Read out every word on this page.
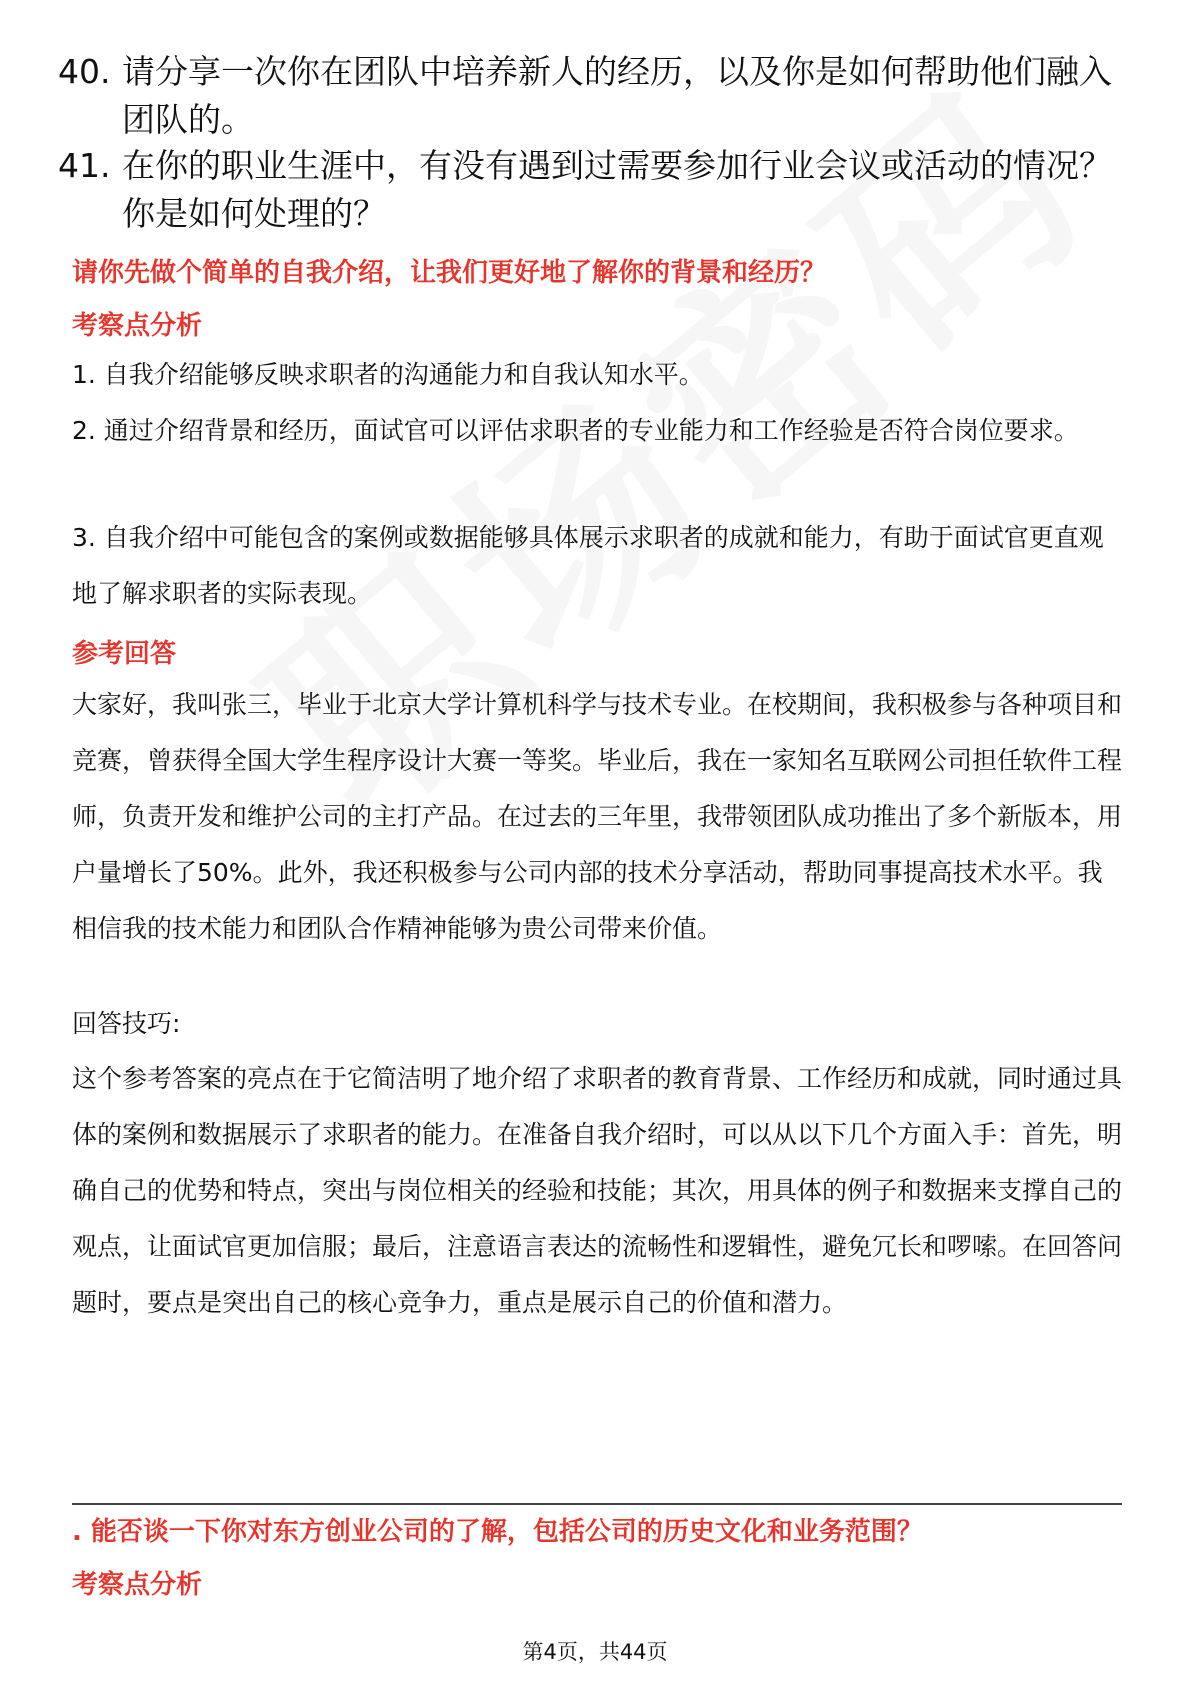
40. 请分享一次你在团队中培养新人的经历，以及你是如何帮助他们融入团队的。
41. 在你的职业生涯中，有没有遇到过需要参加行业会议或活动的情况？你是如何处理的？
请你先做个简单的自我介绍，让我们更好地了解你的背景和经历？
考察点分析
1. 自我介绍能够反映求职者的沟通能力和自我认知水平。
2. 通过介绍背景和经历，面试官可以评估求职者的专业能力和工作经验是否符合岗位要求。
3. 自我介绍中可能包含的案例或数据能够具体展示求职者的成就和能力，有助于面试官更直观地了解求职者的实际表现。
参考回答
大家好，我叫张三，毕业于北京大学计算机科学与技术专业。在校期间，我积极参与各种项目和竞赛，曾获得全国大学生程序设计大赛一等奖。毕业后，我在一家知名互联网公司担任软件工程师，负责开发和维护公司的主打产品。在过去的三年里，我带领团队成功推出了多个新版本，用户量增长了50%。此外，我还积极参与公司内部的技术分享活动，帮助同事提高技术水平。我相信我的技术能力和团队合作精神能够为贵公司带来价值。
回答技巧:
这个参考答案的亮点在于它简洁明了地介绍了求职者的教育背景、工作经历和成就，同时通过具体的案例和数据展示了求职者的能力。在准备自我介绍时，可以从以下几个方面入手：首先，明确自己的优势和特点，突出与岗位相关的经验和技能；其次，用具体的例子和数据来支撑自己的观点，让面试官更加信服；最后，注意语言表达的流畅性和逻辑性，避免冗长和啰嗦。在回答问题时，要点是突出自己的核心竞争力，重点是展示自己的价值和潜力。
. 能否谈一下你对东方创业公司的了解，包括公司的历史文化和业务范围？
考察点分析
第4页，共44页
